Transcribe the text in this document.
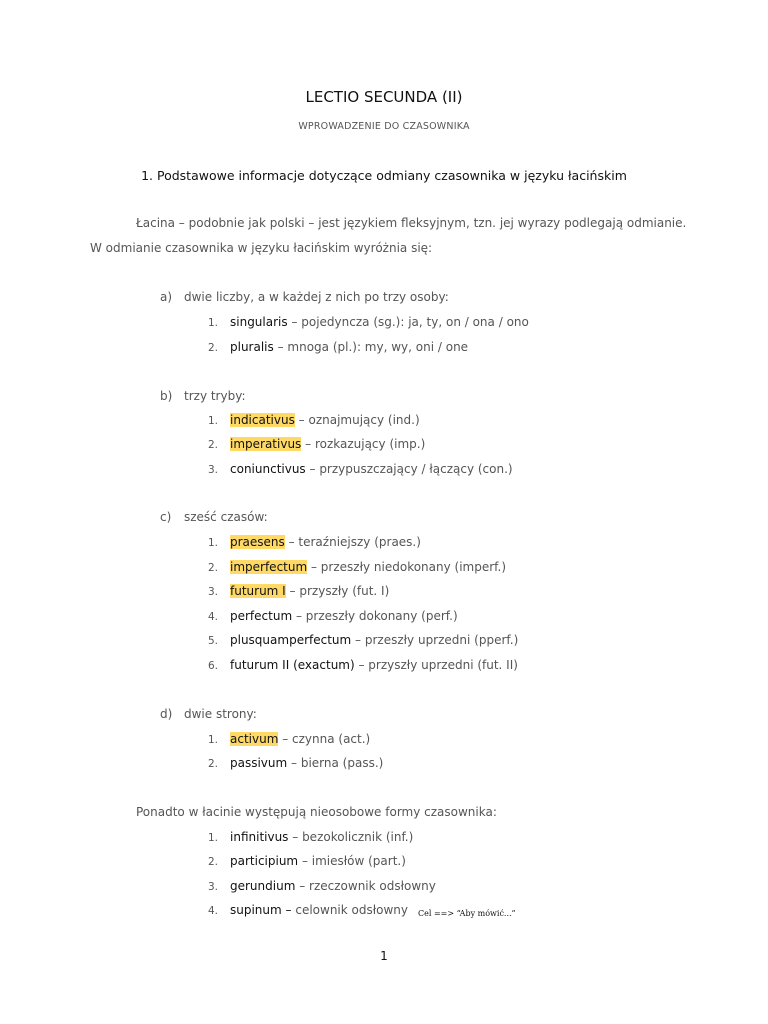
LECTIO SECUNDA (II)
WPROWADZENIE DO CZASOWNIKA
1. Podstawowe informacje dotyczące odmiany czasownika w języku łacińskim
Łacina – podobnie jak polski – jest językiem fleksyjnym, tzn. jej wyrazy podlegają odmianie.
W odmianie czasownika w języku łacińskim wyróżnia się:
a) dwie liczby, a w każdej z nich po trzy osoby:
1. singularis – pojedyncza (sg.): ja, ty, on / ona / ono
2. pluralis – mnoga (pl.): my, wy, oni / one
b) trzy tryby:
1. indicativus – oznajmujący (ind.)
2. imperativus – rozkazujący (imp.)
3. coniunctivus – przypuszczający / łączący (con.)
c) sześć czasów:
1. praesens – teraźniejszy (praes.)
2. imperfectum – przeszły niedokonany (imperf.)
3. futurum I – przyszły (fut. I)
4. perfectum – przeszły dokonany (perf.)
5. plusquamperfectum – przeszły uprzedni (pperf.)
6. futurum II (exactum) – przyszły uprzedni (fut. II)
d) dwie strony:
1. activum – czynna (act.)
2. passivum – bierna (pass.)
Ponadto w łacinie występują nieosobowe formy czasownika:
1. infinitivus – bezokolicznik (inf.)
2. participium – imiesłów (part.)
3. gerundium – rzeczownik odsłowny
4. supinum – celownik odsłowny Cel ==> “Aby mówić...”
1
